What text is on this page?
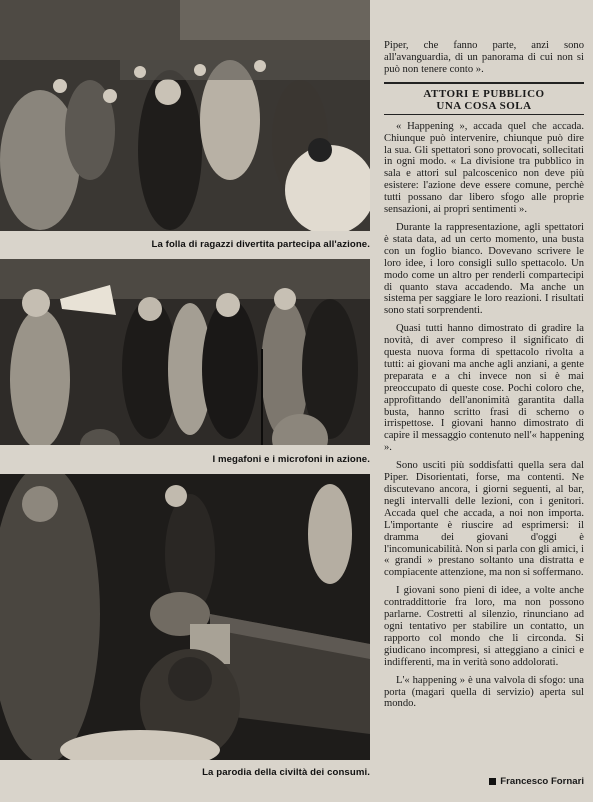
La folla di ragazzi divertita partecipa all'azione.
I megafoni e i microfoni in azione.
La parodia della civiltà dei consumi.

Piper, che fanno parte, anzi sono all'avanguardia, di un panorama di cui non si può non tenere conto ».

ATTORI E PUBBLICO
UNA COSA SOLA

« Happening », accada quel che accada. Chiunque può intervenire, chiunque può dire la sua. Gli spettatori sono provocati, sollecitati in ogni modo. « La divisione tra pubblico in sala e attori sul palcoscenico non deve più esistere: l'azione deve essere comune, perchè tutti possano dar libero sfogo alle proprie sensazioni, ai propri sentimenti ».

Durante la rappresentazione, agli spettatori è stata data, ad un certo momento, una busta con un foglio bianco. Dovevano scrivere le loro idee, i loro consigli sullo spettacolo. Un modo come un altro per renderli compartecipi di quanto stava accadendo. Ma anche un sistema per saggiare le loro reazioni. I risultati sono stati sorprendenti.

Quasi tutti hanno dimostrato di gradire la novità, di aver compreso il significato di questa nuova forma di spettacolo rivolta a tutti: ai giovani ma anche agli anziani, a gente preparata e a chi invece non si è mai preoccupato di queste cose. Pochi coloro che, approfittando dell'anonimità garantita dalla busta, hanno scritto frasi di scherno o irrispettose. I giovani hanno dimostrato di capire il messaggio contenuto nell'« happening ».

Sono usciti più soddisfatti quella sera dal Piper. Disorientati, forse, ma contenti. Ne discutevano ancora, i giorni seguenti, al bar, negli intervalli delle lezioni, con i genitori. Accada quel che accada, a noi non importa. L'importante è riuscire ad esprimersi: il dramma dei giovani d'oggi è l'incomunicabilità. Non si parla con gli amici, i « grandi » prestano soltanto una distratta e compiacente attenzione, ma non si soffermano.

I giovani sono pieni di idee, a volte anche contraddittorie fra loro, ma non possono parlarne. Costretti al silenzio, rinunciano ad ogni tentativo per stabilire un contatto, un rapporto col mondo che li circonda. Si giudicano incompresi, si atteggiano a cinici e indifferenti, ma in verità sono addolorati.

L'« happening » è una valvola di sfogo: una porta (magari quella di servizio) aperta sul mondo.

Francesco Fornari
